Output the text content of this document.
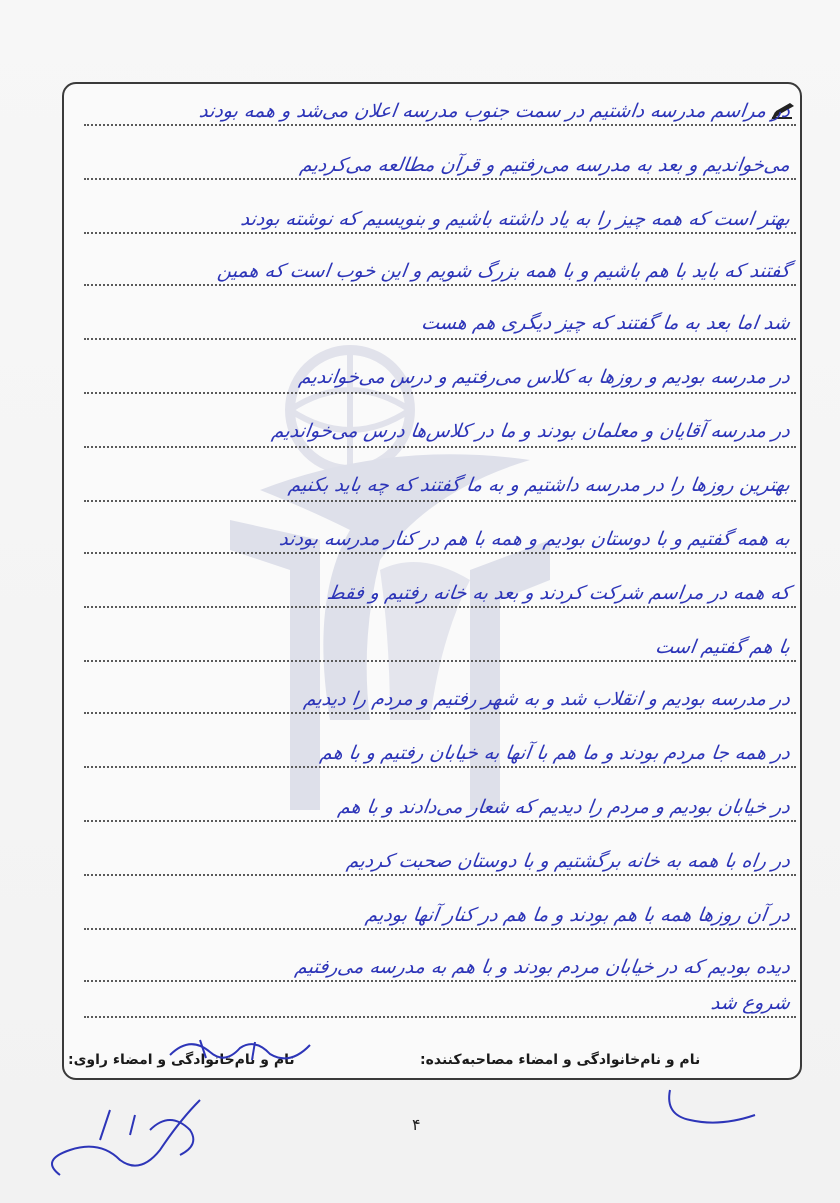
در مراسم مدرسه داشتیم در سمت جنوب مدرسه اعلان می‌شد و همه بودند
می‌خواندیم و بعد به مدرسه می‌رفتیم و قرآن مطالعه می‌کردیم
بهتر است که همه چیز را به یاد داشته باشیم و بنویسیم که نوشته بودند
گفتند که باید با هم باشیم و با همه بزرگ شویم و این خوب است که همین
شد اما بعد به ما گفتند که چیز دیگری هم هست
در مدرسه بودیم و روزها به کلاس می‌رفتیم و درس می‌خواندیم
در مدرسه آقایان و معلمان بودند و ما در کلاس‌ها درس می‌خواندیم
بهترین روزها را در مدرسه داشتیم و به ما گفتند که چه باید بکنیم
به همه گفتیم و با دوستان بودیم و همه با هم در کنار مدرسه بودند
که همه در مراسم شرکت کردند و بعد به خانه رفتیم و فقط
با هم گفتیم است
در مدرسه بودیم و انقلاب شد و به شهر رفتیم و مردم را دیدیم
در همه جا مردم بودند و ما هم با آنها به خیابان رفتیم و با هم
در خیابان بودیم و مردم را دیدیم که شعار می‌دادند و با هم
در راه با همه به خانه برگشتیم و با دوستان صحبت کردیم
در آن روزها همه با هم بودند و ما هم در کنار آنها بودیم
دیده بودیم که در خیابان مردم بودند و با هم به مدرسه می‌رفتیم
شروع شد
نام و نام‌خانوادگی و امضاء مصاحبه‌کننده:
نام و نام‌خانوادگی و امضاء راوی:
۴
